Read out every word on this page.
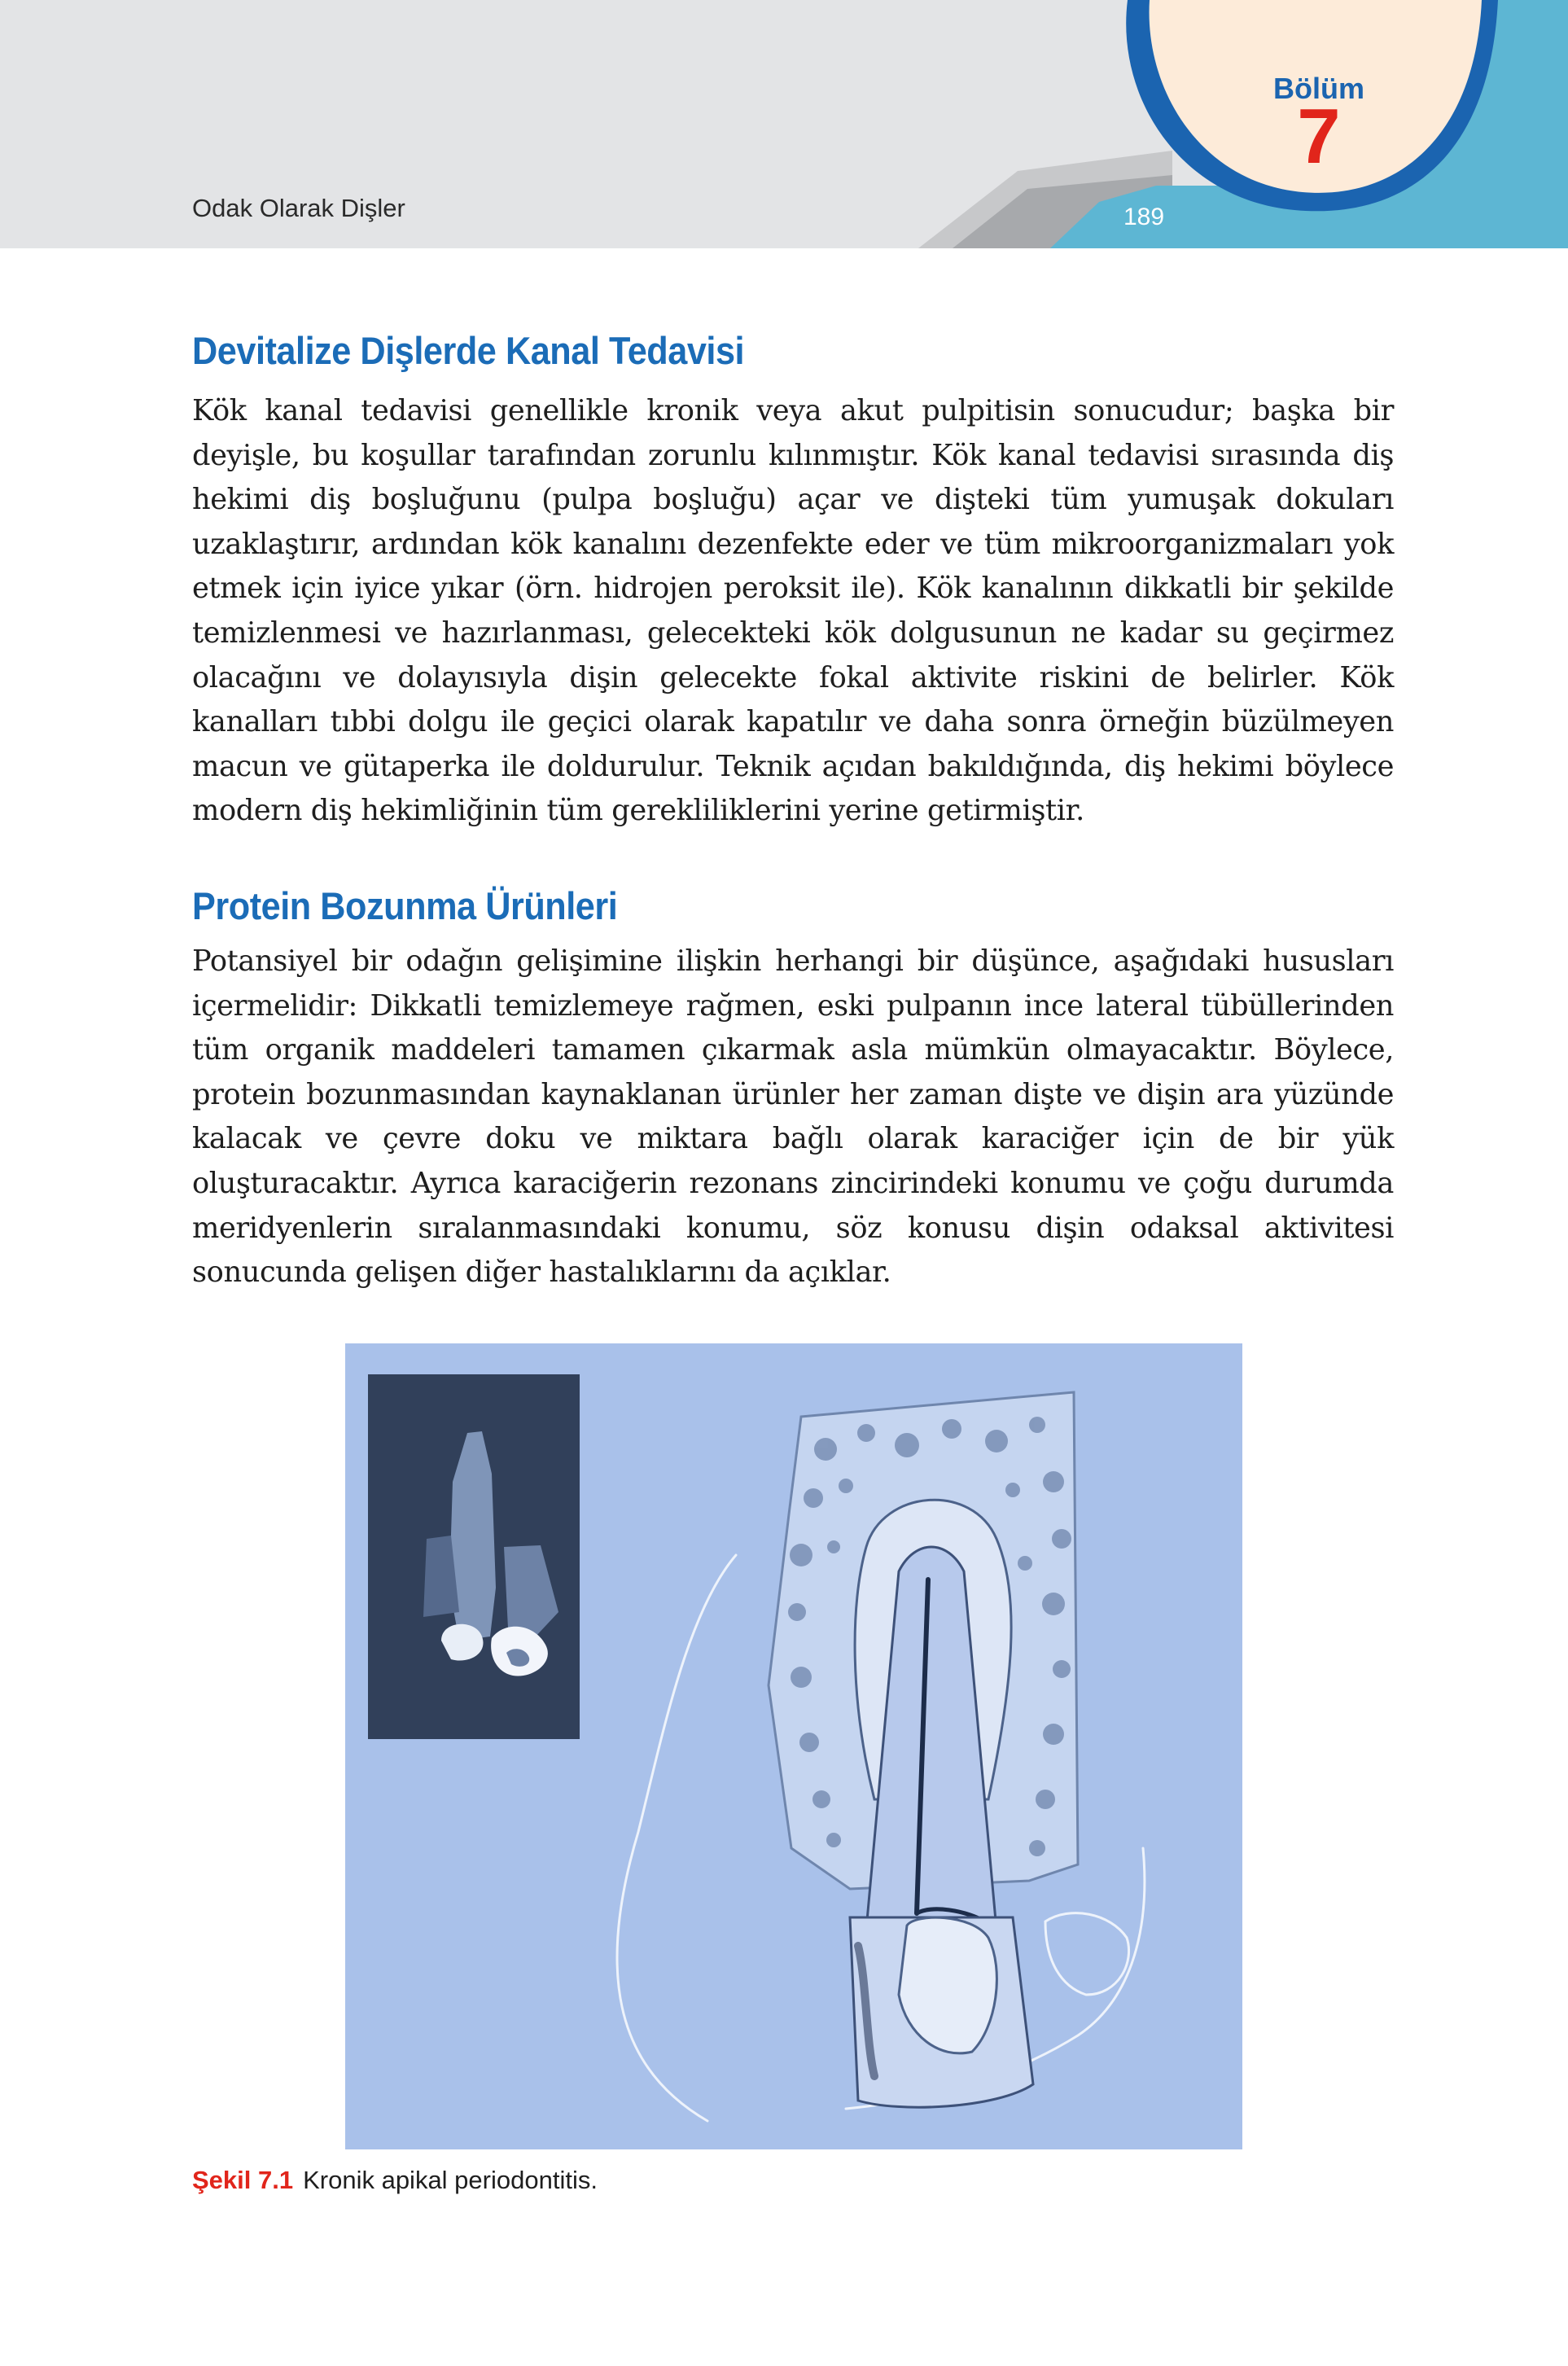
Odak Olarak Dişler	189
Bölüm
7
Devitalize Dişlerde Kanal Tedavisi

Kök kanal tedavisi genellikle kronik veya akut pulpitisin sonucudur; başka bir deyişle, bu koşullar tarafından zorunlu kılınmıştır. Kök kanal tedavisi sırasında diş hekimi diş boşluğunu (pulpa boşluğu) açar ve dişteki tüm yumuşak dokuları uzaklaştırır, ardından kök kanalını dezenfekte eder ve tüm mikroorganizmaları yok etmek için iyice yıkar (örn. hidrojen peroksit ile). Kök kanalının dikkatli bir şekilde temizlenmesi ve hazırlanması, gelecekteki kök dolgusunun ne kadar su geçirmez olacağını ve dolayısıyla dişin gelecekte fokal aktivite riskini de belirler. Kök kanalları tıbbi dolgu ile geçici olarak kapatılır ve daha sonra örneğin büzülmeyen macun ve gütaperka ile doldurulur. Teknik açıdan bakıldığında, diş hekimi böylece modern diş hekimliğinin tüm gerekliliklerini yerine getirmiştir.

Protein Bozunma Ürünleri

Potansiyel bir odağın gelişimine ilişkin herhangi bir düşünce, aşağıdaki hususları içermelidir: Dikkatli temizlemeye rağmen, eski pulpanın ince lateral tübüllerinden tüm organik maddeleri tamamen çıkarmak asla mümkün olmayacaktır. Böylece, protein bozunmasından kaynaklanan ürünler her zaman dişte ve dişin ara yüzünde kalacak ve çevre doku ve miktara bağlı olarak karaciğer için de bir yük oluşturacaktır. Ayrıca karaciğerin rezonans zincirindeki konumu ve çoğu durumda meridyenlerin sıralanmasındaki konumu, söz konusu dişin odaksal aktivitesi sonucunda gelişen diğer hastalıklarını da açıklar.

Şekil 7.1 Kronik apikal periodontitis.
